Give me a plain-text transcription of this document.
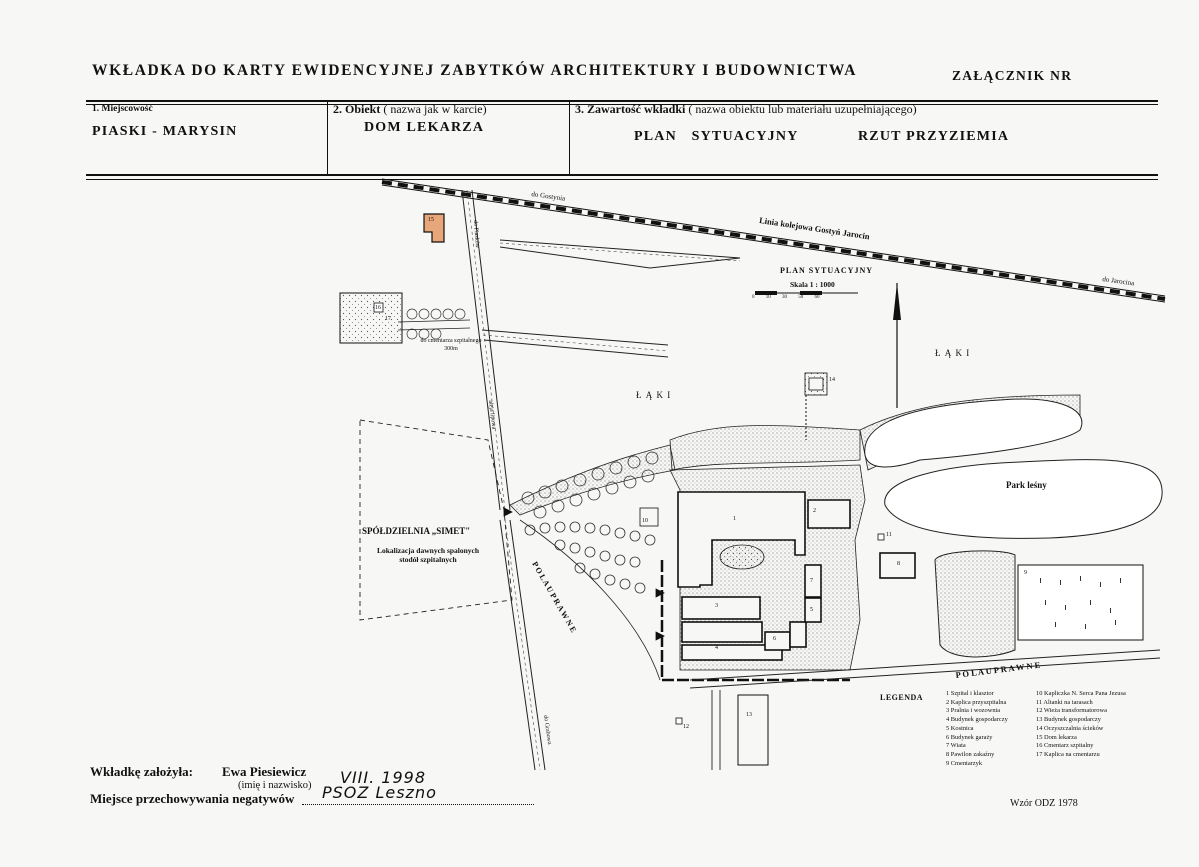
WKŁADKA DO KARTY EWIDENCYJNEJ ZABYTKÓW ARCHITEKTURY I BUDOWNICTWA	ZAŁĄCZNIK NR
1. Miejscowość
PIASKI - MARYSIN
2. Obiekt ( nazwa jak w karcie)
DOM LEKARZA
3. Zawartość wkładki ( nazwa obiektu lub materiału uzupełniającego)
PLAN SYTUACYJNY	RZUT PRZYZIEMIA
do Gostynia
Linia kolejowa Gostyń Jarocin
do Jarocina
PLAN SYTUACYJNY
Skala 1 : 1000
0 10 30 50 60
Ł Ą K I
Ł Ą K I
do Piasków
aleja lipowa
do Grabowa
do cmentarza szpitalnego 300m
SPÓŁDZIELNIA „SIMET"
Lokalizacja dawnych spalonych stodół szpitalnych
P O L A U P R A W N E
P O L A U P R A W N E
Park leśny
1
2
3
4
5
6
7
8
9
10
11
12
13
14
15
16
17
LEGENDA	1 Szpital i klasztor
2 Kaplica przyszpitalna
3 Pralnia i wozownia
4 Budynek gospodarczy
5 Kostnica
6 Budynek garaży
7 Wiata
8 Pawilon zakaźny
9 Cmentarzyk
10 Kapliczka N. Serca Pana Jezusa
11 Altanki na tarasach
12 Wieża transformatorowa
13 Budynek gospodarczy
14 Oczyszczalnia ścieków
15 Dom lekarza
16 Cmentarz szpitalny
17 Kaplica na cmentarzu
Wkładkę założyła: Ewa Piesiewicz
(imię i nazwisko) VIII. 1998
Miejsce przechowywania negatywów PSOZ Leszno
Wzór ODZ 1978
